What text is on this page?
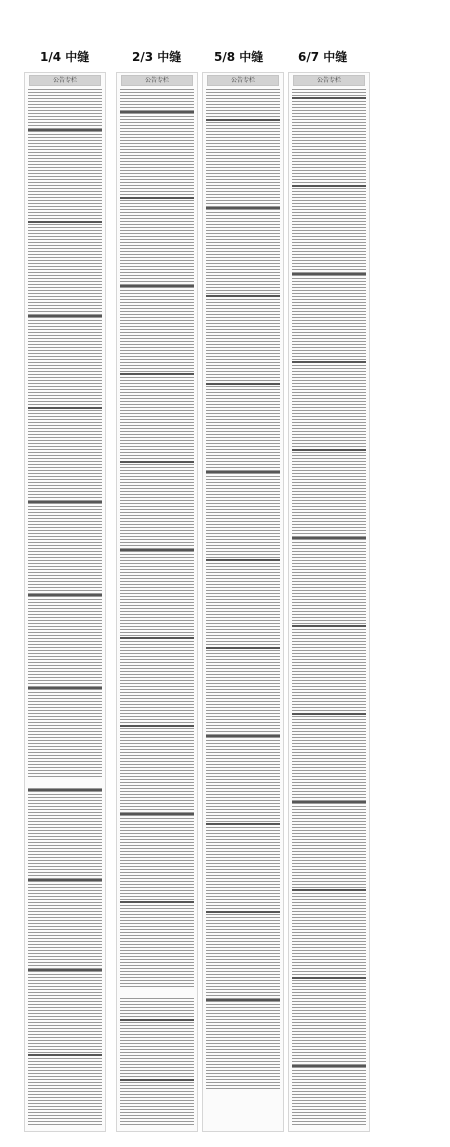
1/4 中缝
公告专栏
2/3 中缝
公告专栏
5/8 中缝
公告专栏
6/7 中缝
公告专栏
